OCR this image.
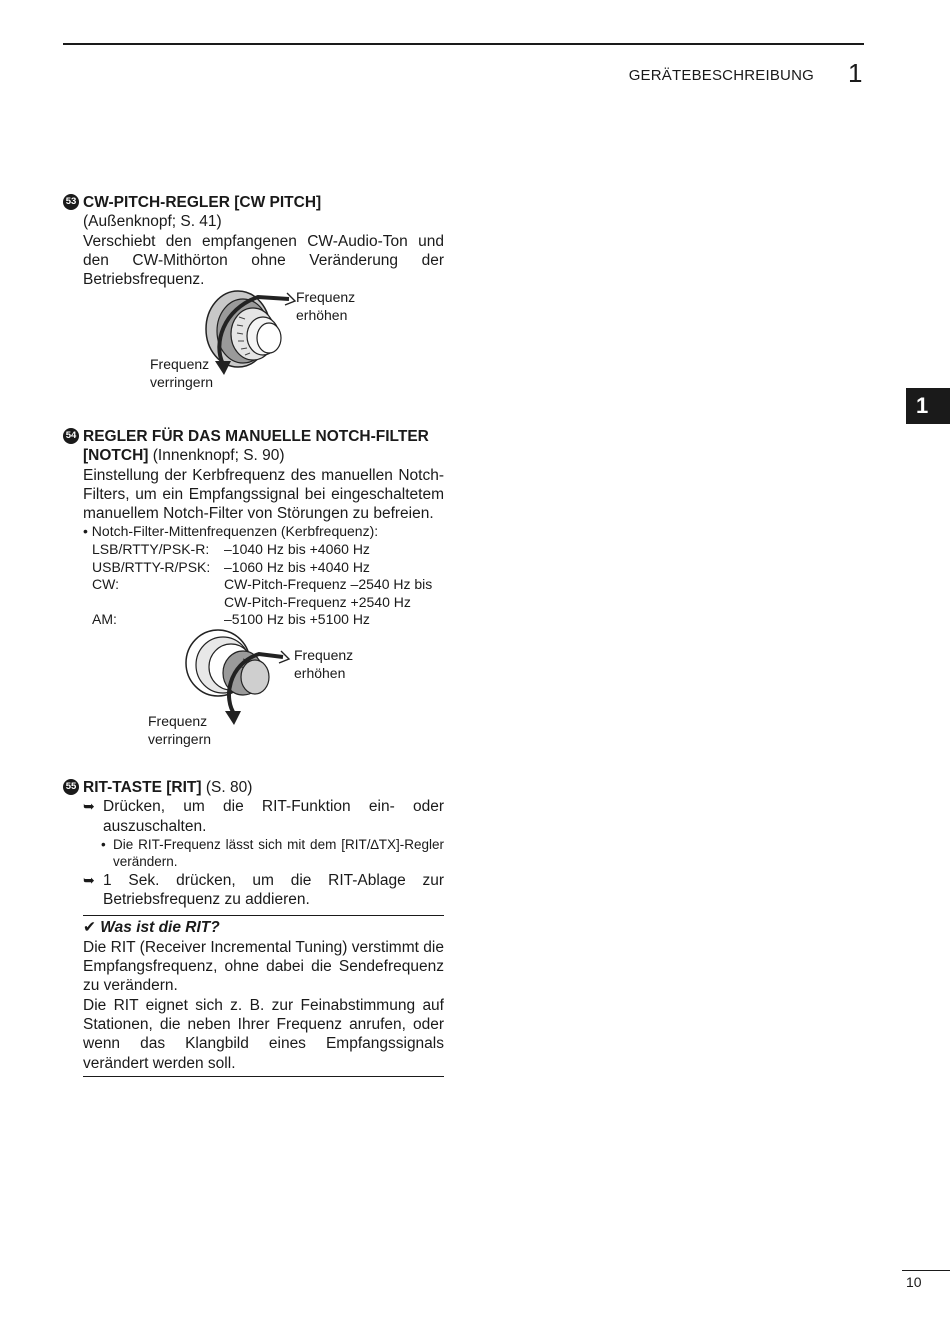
GERÄTEBESCHREIBUNG 1
1
53 CW-PITCH-REGLER [CW PITCH]
(Außenknopf; S. 41)
Verschiebt den empfangenen CW-Audio-Ton und den CW-Mithörton ohne Veränderung der Betriebsfrequenz.
Frequenz
erhöhen
Frequenz
verringern
54 REGLER FÜR DAS MANUELLE NOTCH-FILTER
[NOTCH] (Innenknopf; S. 90)
Einstellung der Kerbfrequenz des manuellen Notch-Filters, um ein Empfangssignal bei eingeschaltetem manuellem Notch-Filter von Störungen zu befreien.
• Notch-Filter-Mittenfrequenzen (Kerbfrequenz):
LSB/RTTY/PSK-R:	–1040 Hz bis +4060 Hz
USB/RTTY-R/PSK: –1060 Hz bis +4040 Hz
CW:	CW-Pitch-Frequenz –2540 Hz bis
CW-Pitch-Frequenz +2540 Hz
AM:	–5100 Hz bis +5100 Hz
Frequenz
erhöhen
Frequenz
verringern
55 RIT-TASTE [RIT] (S. 80)
➥ Drücken, um die RIT-Funktion ein- oder auszuschalten.
• Die RIT-Frequenz lässt sich mit dem [RIT/∆TX]-Regler verändern.
➥ 1 Sek. drücken, um die RIT-Ablage zur Betriebsfrequenz zu addieren.
✔ Was ist die RIT?

Die RIT (Receiver Incremental Tuning) verstimmt die Empfangsfrequenz, ohne dabei die Sendefrequenz zu verändern.

Die RIT eignet sich z. B. zur Feinabstimmung auf Stationen, die neben Ihrer Frequenz anrufen, oder wenn das Klangbild eines Empfangssignals verändert werden soll.

10
